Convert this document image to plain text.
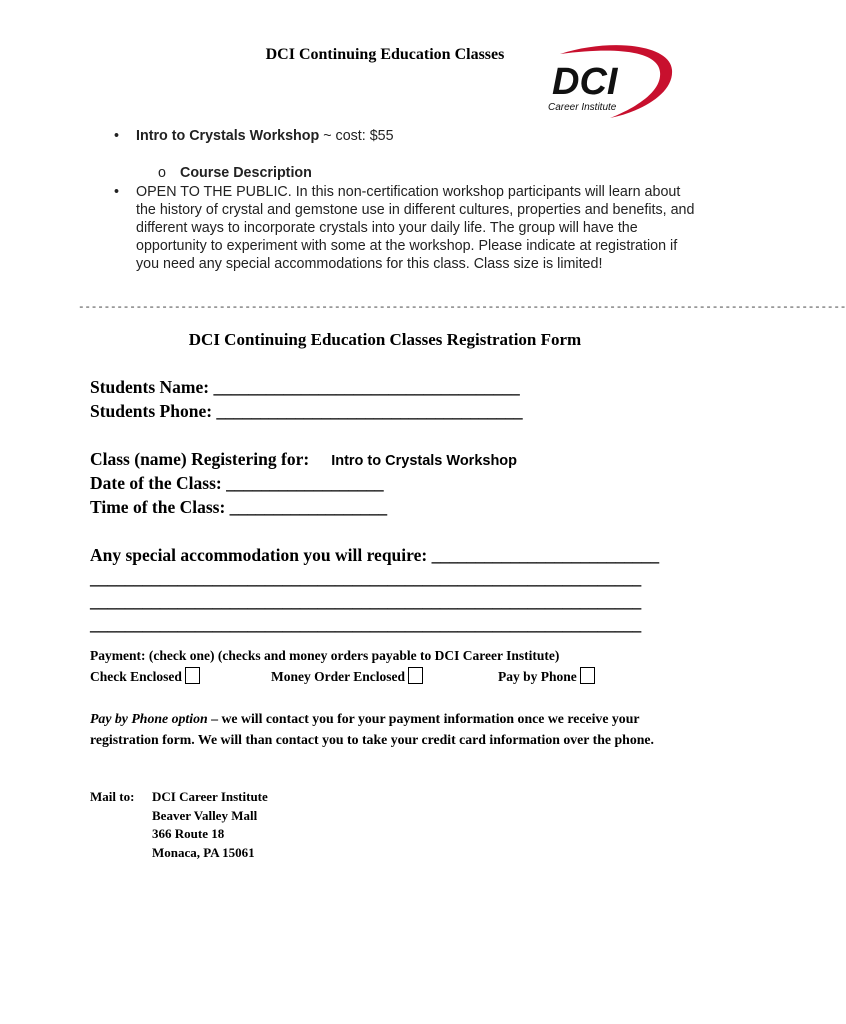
DCI Continuing Education Classes
DCI
Career Institute
• Intro to Crystals Workshop ~ cost: $55
o Course Description
• OPEN TO THE PUBLIC. In this non-certification workshop participants will learn about the history of crystal and gemstone use in different cultures, properties and benefits, and different ways to incorporate crystals into your daily life. The group will have the opportunity to experiment with some at the workshop. Please indicate at registration if you need any special accommodations for this class. Class size is limited!
------------------------------------------------------------------------------------------------------------------------
DCI Continuing Education Classes Registration Form
Students Name: ___________________________________
Students Phone: ___________________________________
Class (name) Registering for: Intro to Crystals Workshop
Date of the Class: __________________
Time of the Class: __________________
Any special accommodation you will require: __________________________
_______________________________________________________________
_______________________________________________________________
_______________________________________________________________
Payment: (check one) (checks and money orders payable to DCI Career Institute)
Check Enclosed	Money Order Enclosed	Pay by Phone
Pay by Phone option – we will contact you for your payment information once we receive your registration form. We will than contact you to take your credit card information over the phone.
Mail to: DCI Career Institute
Beaver Valley Mall
366 Route 18
Monaca, PA 15061
